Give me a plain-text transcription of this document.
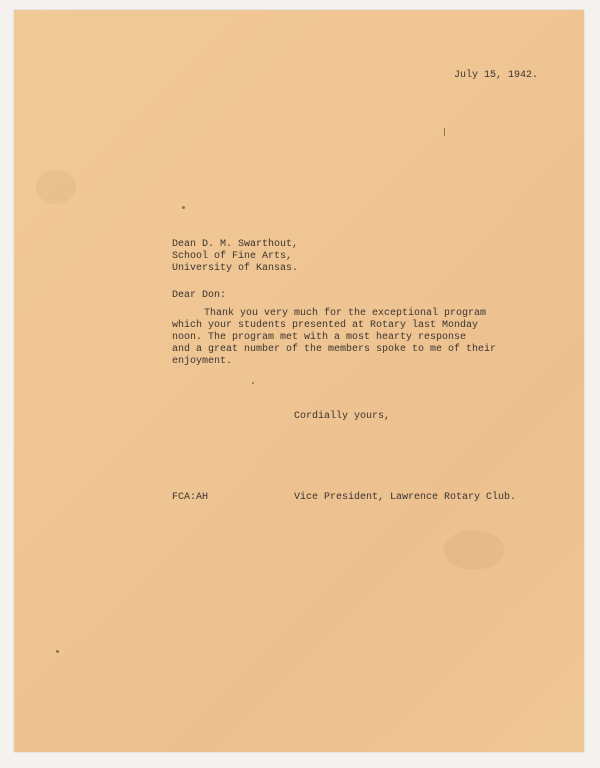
July 15, 1942.
Dean D. M. Swarthout,
School of Fine Arts,
University of Kansas.
Dear Don:
Thank you very much for the exceptional program
which your students presented at Rotary last Monday
noon. The program met with a most hearty response
and a great number of the members spoke to me of their
enjoyment.
Cordially yours,
FCA:AH	Vice President, Lawrence Rotary Club.
